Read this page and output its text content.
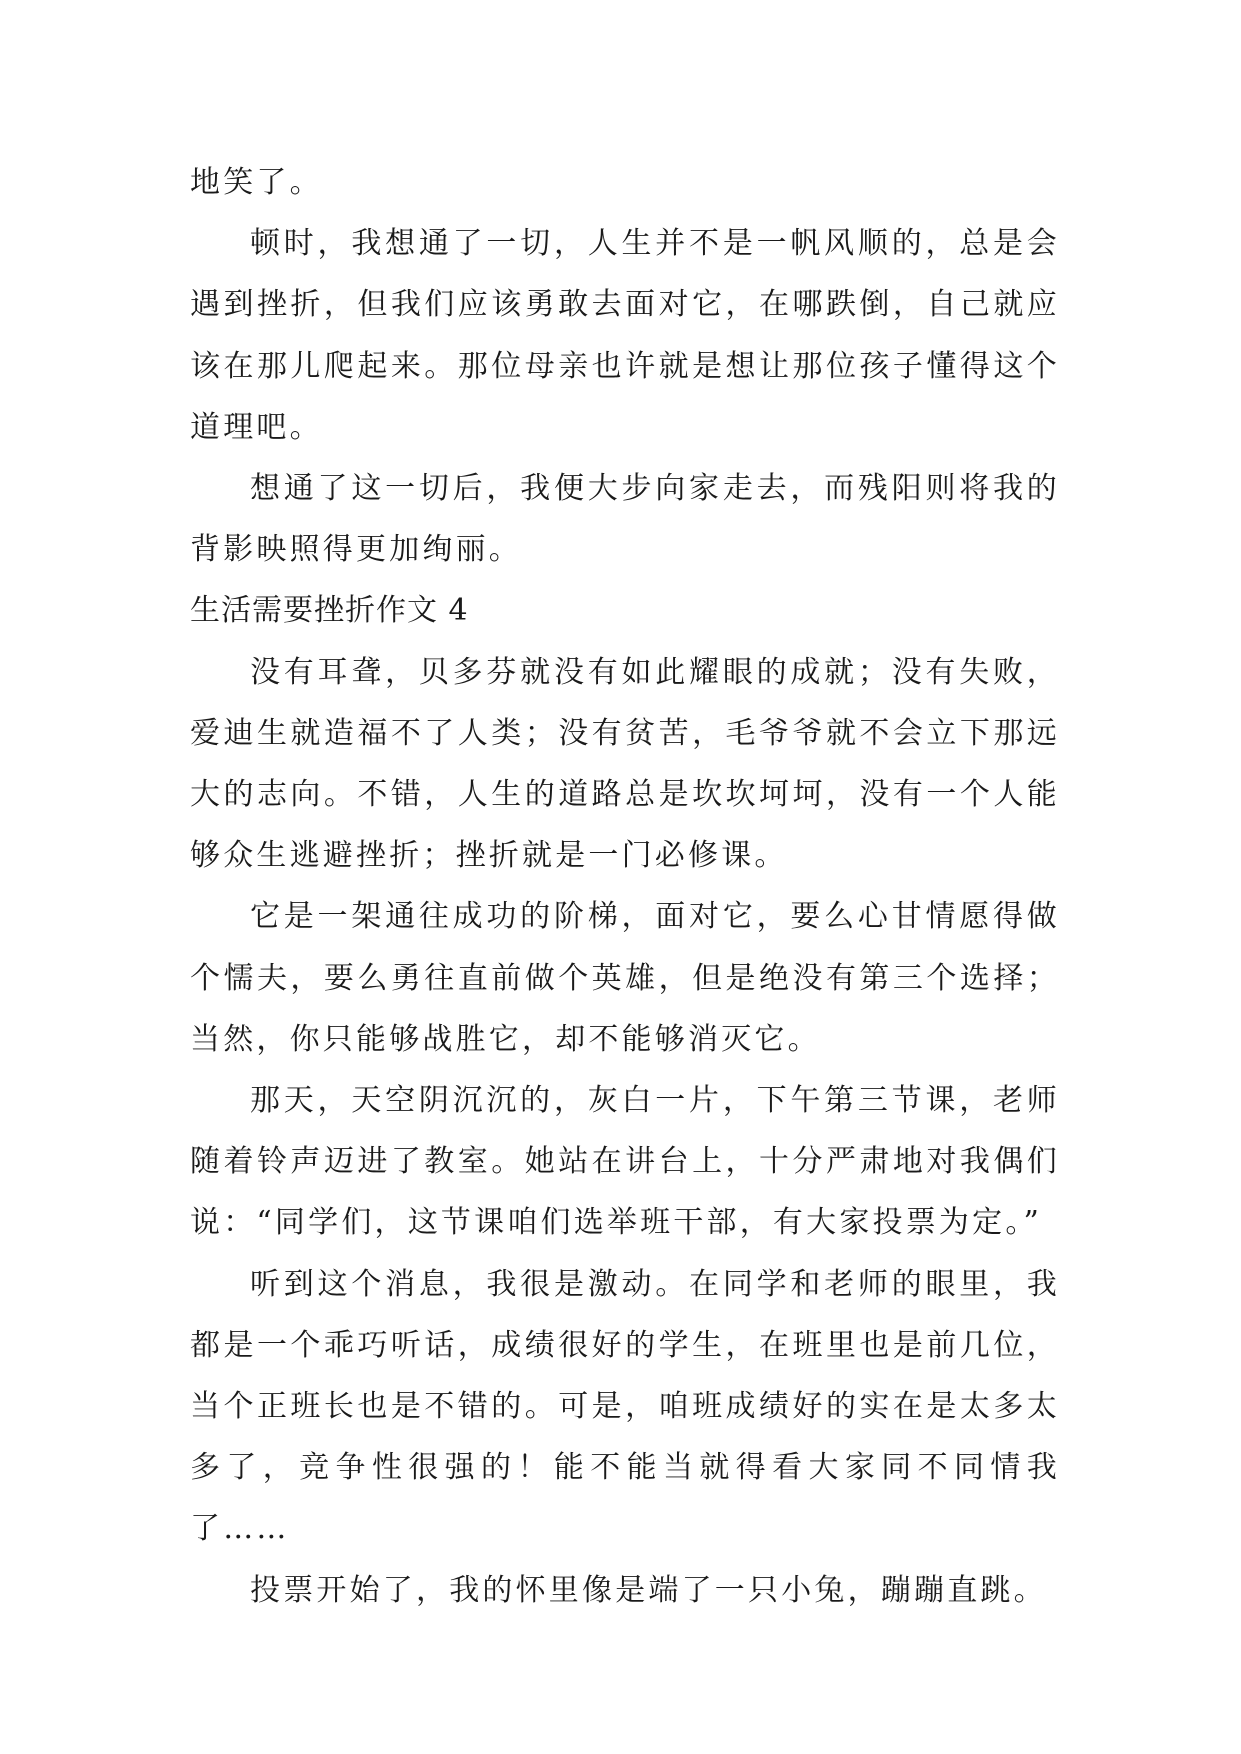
地笑了。

顿时，我想通了一切，人生并不是一帆风顺的，总是会遇到挫折，但我们应该勇敢去面对它，在哪跌倒，自己就应该在那儿爬起来。那位母亲也许就是想让那位孩子懂得这个道理吧。

想通了这一切后，我便大步向家走去，而残阳则将我的背影映照得更加绚丽。

生活需要挫折作文 4

没有耳聋，贝多芬就没有如此耀眼的成就；没有失败，爱迪生就造福不了人类；没有贫苦，毛爷爷就不会立下那远大的志向。不错，人生的道路总是坎坎坷坷，没有一个人能够众生逃避挫折；挫折就是一门必修课。

它是一架通往成功的阶梯，面对它，要么心甘情愿得做个懦夫，要么勇往直前做个英雄，但是绝没有第三个选择；当然，你只能够战胜它，却不能够消灭它。

那天，天空阴沉沉的，灰白一片，下午第三节课，老师随着铃声迈进了教室。她站在讲台上，十分严肃地对我偶们说：“同学们，这节课咱们选举班干部，有大家投票为定。”

听到这个消息，我很是激动。在同学和老师的眼里，我都是一个乖巧听话，成绩很好的学生，在班里也是前几位，当个正班长也是不错的。可是，咱班成绩好的实在是太多太多了，竞争性很强的！能不能当就得看大家同不同情我了……

投票开始了，我的怀里像是端了一只小兔，蹦蹦直跳。
